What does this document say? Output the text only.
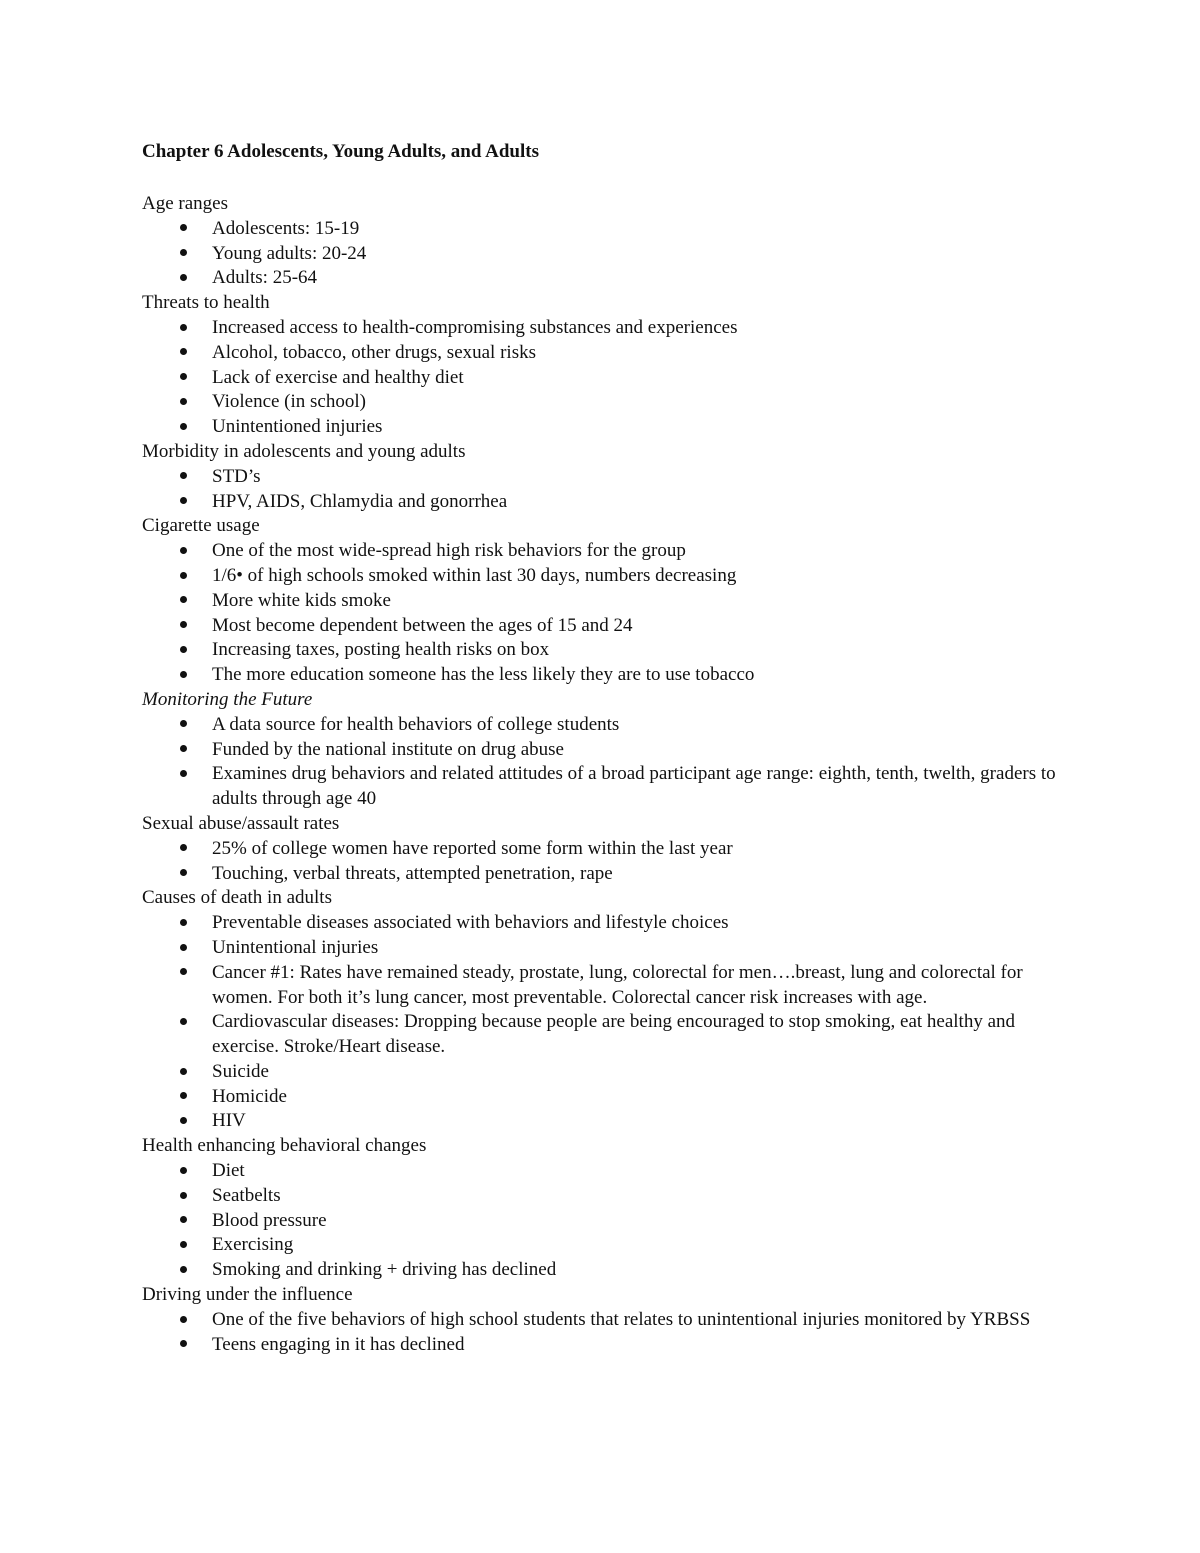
Chapter 6 Adolescents, Young Adults, and Adults
Age ranges
Adolescents: 15-19
Young adults: 20-24
Adults: 25-64
Threats to health
Increased access to health-compromising substances and experiences
Alcohol, tobacco, other drugs, sexual risks
Lack of exercise and healthy diet
Violence (in school)
Unintentioned injuries
Morbidity in adolescents and young adults
STD’s
HPV, AIDS, Chlamydia and gonorrhea
Cigarette usage
One of the most wide-spread high risk behaviors for the group
1/6• of high schools smoked within last 30 days, numbers decreasing
More white kids smoke
Most become dependent between the ages of 15 and 24
Increasing taxes, posting health risks on box
The more education someone has the less likely they are to use tobacco
Monitoring the Future
A data source for health behaviors of college students
Funded by the national institute on drug abuse
Examines drug behaviors and related attitudes of a broad participant age range: eighth, tenth, twelth, graders to adults through age 40
Sexual abuse/assault rates
25% of college women have reported some form within the last year
Touching, verbal threats, attempted penetration, rape
Causes of death in adults
Preventable diseases associated with behaviors and lifestyle choices
Unintentional injuries
Cancer #1: Rates have remained steady, prostate, lung, colorectal for men….breast, lung and colorectal for women. For both it’s lung cancer, most preventable. Colorectal cancer risk increases with age.
Cardiovascular diseases: Dropping because people are being encouraged to stop smoking, eat healthy and exercise. Stroke/Heart disease.
Suicide
Homicide
HIV
Health enhancing behavioral changes
Diet
Seatbelts
Blood pressure
Exercising
Smoking and drinking + driving has declined
Driving under the influence
One of the five behaviors of high school students that relates to unintentional injuries monitored by YRBSS
Teens engaging in it has declined
